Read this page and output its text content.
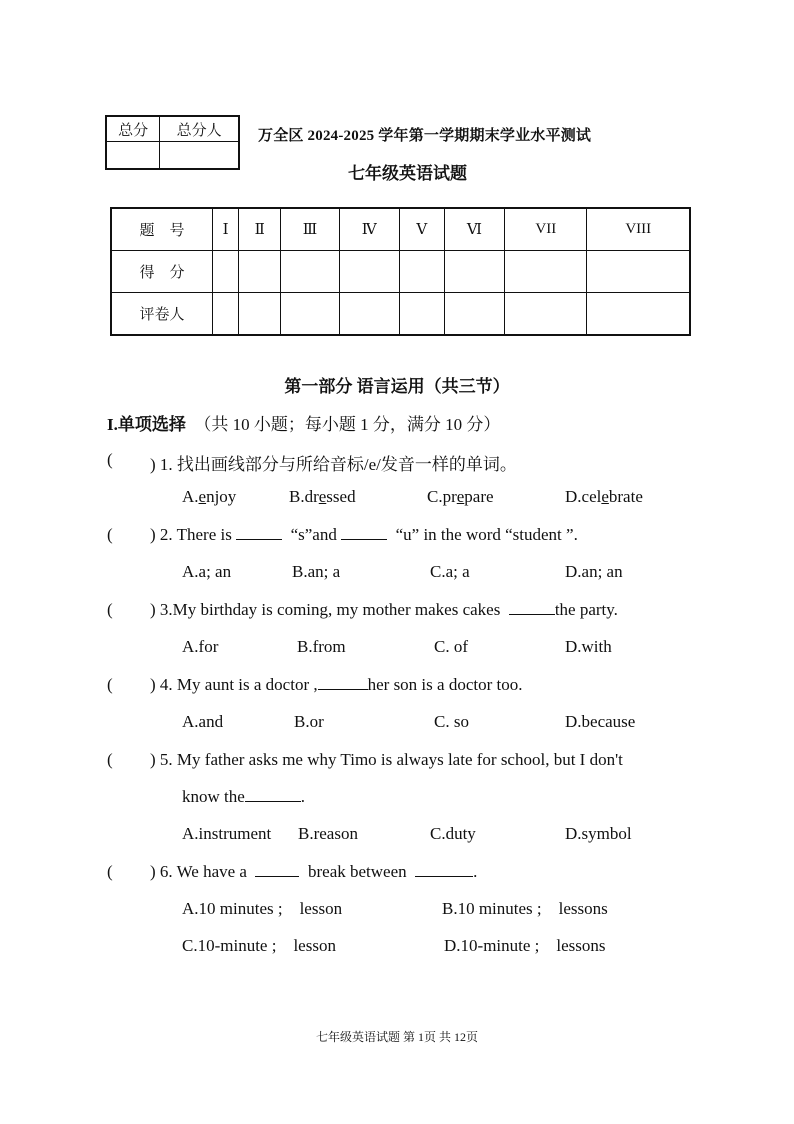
总分	总分人
	万全区 2024-2025 学年第一学期期末学业水平测试
七年级英语试题
题　号	Ⅰ	Ⅱ	Ⅲ	Ⅳ	Ⅴ	Ⅵ	VII	VIII
得　分								
评卷人								
第一部分 语言运用（共三节）
I.单项选择　 （共 10 小题；每小题 1 分，满分 10 分）
( ) 1. 找出画线部分与所给音标/e/发音一样的单词。
A.enjoy	B.dressed	C.prepare	D.celebrate
( ) 2. There is	“s”and	“u” in the word “student ”.
A.a; an	B.an; a	C.a; a	D.an; an
( ) 3.My birthday is coming, my mother makes cakes	the party.
A.for	B.from	C. of	D.with
( ) 4. My aunt is a doctor ,	her son is a doctor too.
A.and	B.or	C. so	D.because
( ) 5. My father asks me why Timo is always late for school, but I don't
know the	.
A.instrument B.reason	C.duty	D.symbol
( ) 6. We have a	break between	.
A.10 minutes ;    lesson	B.10 minutes ;    lessons
C.10-minute ;    lesson	D.10-minute ;    lessons
七年级英语试题 第 1页 共 12页
